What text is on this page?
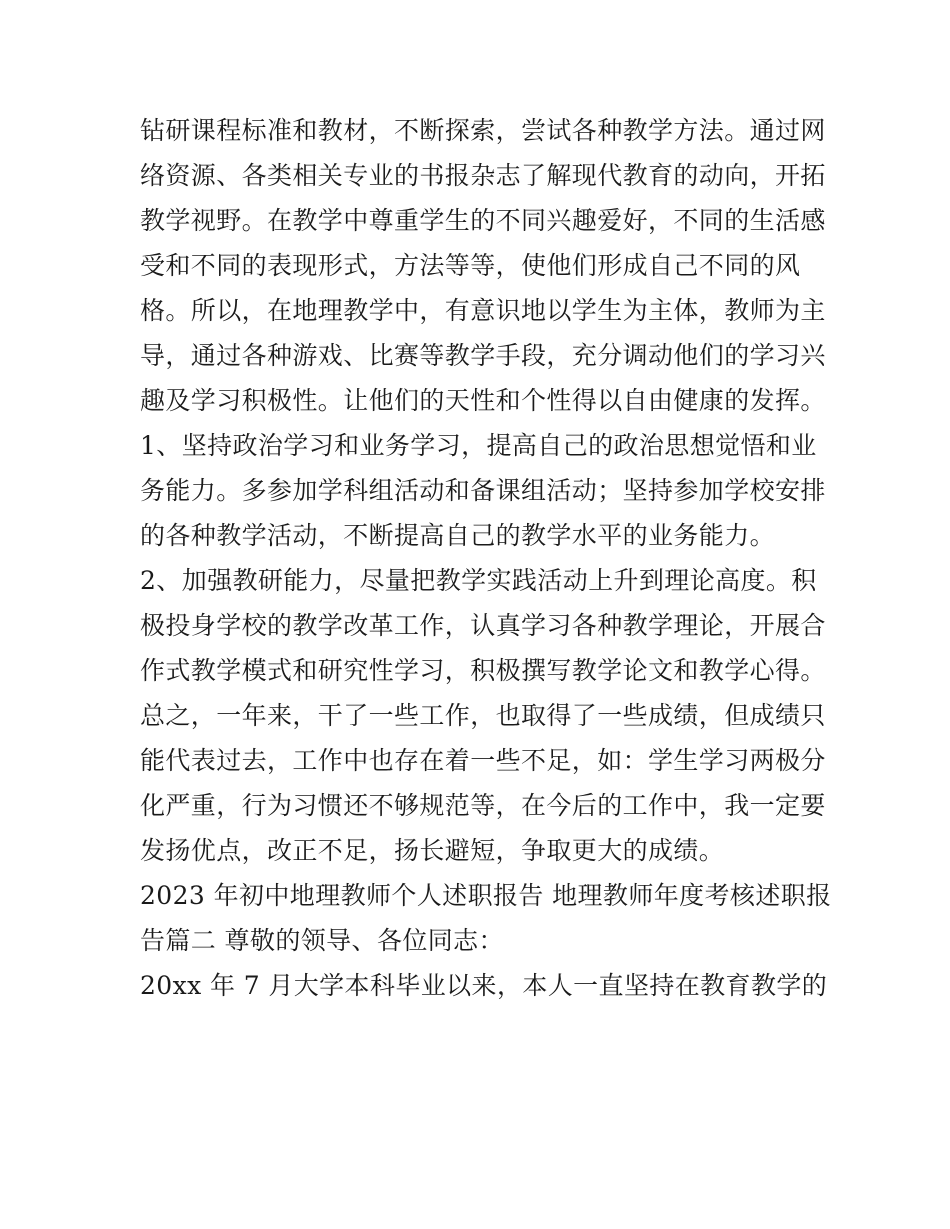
钻研课程标准和教材，不断探索，尝试各种教学方法。通过网
络资源、各类相关专业的书报杂志了解现代教育的动向，开拓
教学视野。在教学中尊重学生的不同兴趣爱好，不同的生活感
受和不同的表现形式，方法等等，使他们形成自己不同的风
格。所以，在地理教学中，有意识地以学生为主体，教师为主
导，通过各种游戏、比赛等教学手段，充分调动他们的学习兴
趣及学习积极性。让他们的天性和个性得以自由健康的发挥。
1、坚持政治学习和业务学习，提高自己的政治思想觉悟和业
务能力。多参加学科组活动和备课组活动；坚持参加学校安排
的各种教学活动，不断提高自己的教学水平的业务能力。
2、加强教研能力，尽量把教学实践活动上升到理论高度。积
极投身学校的教学改革工作，认真学习各种教学理论，开展合
作式教学模式和研究性学习，积极撰写教学论文和教学心得。
总之，一年来，干了一些工作，也取得了一些成绩，但成绩只
能代表过去，工作中也存在着一些不足，如：学生学习两极分
化严重，行为习惯还不够规范等，在今后的工作中，我一定要
发扬优点，改正不足，扬长避短，争取更大的成绩。
2023 年初中地理教师个人述职报告 地理教师年度考核述职报
告篇二 尊敬的领导、各位同志：
20xx 年 7 月大学本科毕业以来，本人一直坚持在教育教学的
